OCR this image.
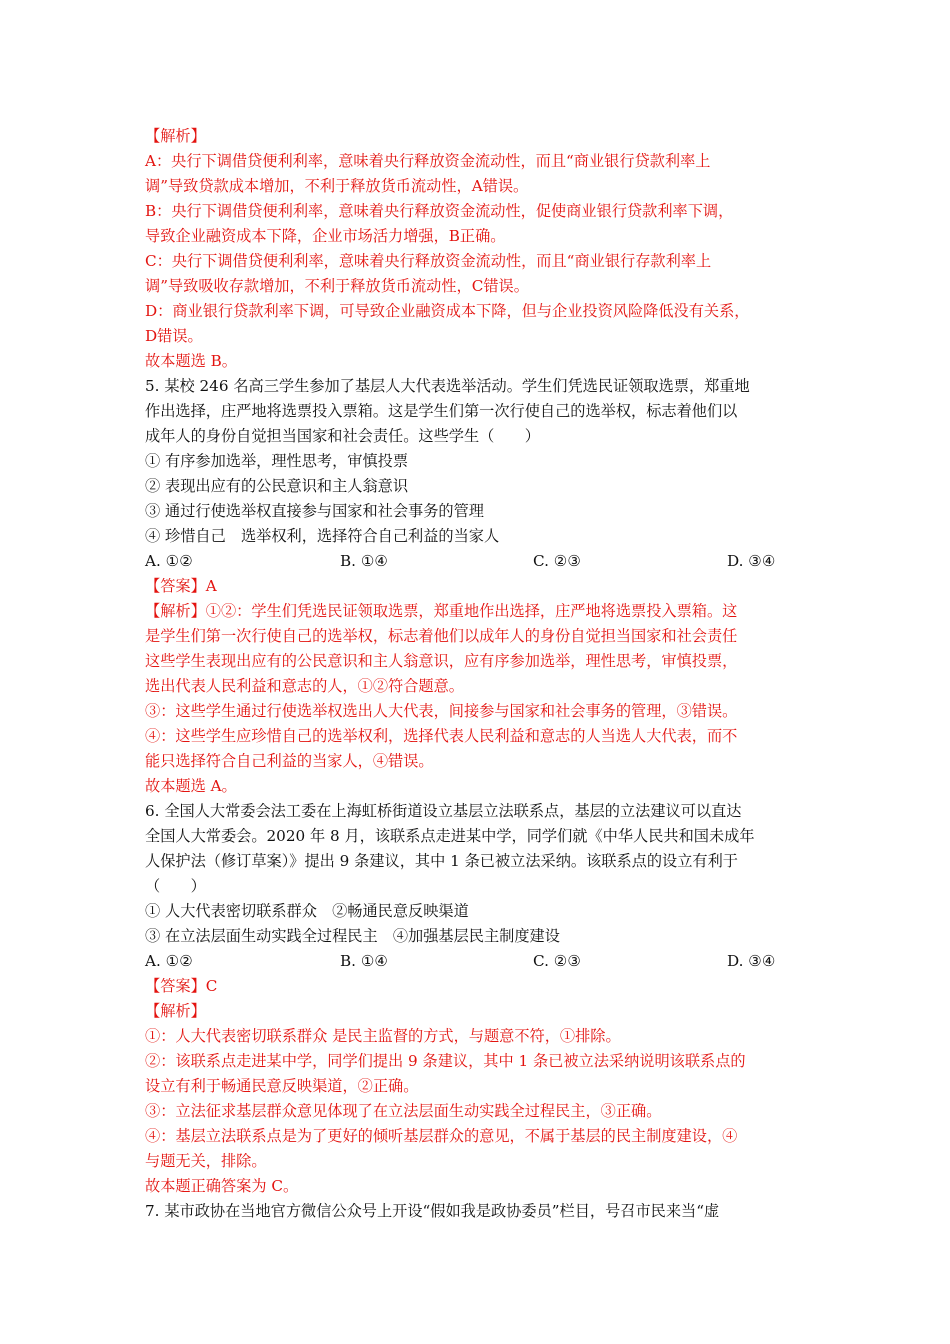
【解析】
A：央行下调借贷便利利率，意味着央行释放资金流动性，而且“商业银行贷款利率上
调”导致贷款成本增加，不利于释放货币流动性，A错误。
B：央行下调借贷便利利率，意味着央行释放资金流动性，促使商业银行贷款利率下调，
导致企业融资成本下降，企业市场活力增强，B正确。
C：央行下调借贷便利利率，意味着央行释放资金流动性，而且“商业银行存款利率上
调”导致吸收存款增加，不利于释放货币流动性，C错误。
D：商业银行贷款利率下调，可导致企业融资成本下降，但与企业投资风险降低没有关系，
D错误。
故本题选 B。
5. 某校 246 名高三学生参加了基层人大代表选举活动。学生们凭选民证领取选票，郑重地
作出选择，庄严地将选票投入票箱。这是学生们第一次行使自己的选举权，标志着他们以
成年人的身份自觉担当国家和社会责任。这些学生（　　）
① 有序参加选举，理性思考，审慎投票
② 表现出应有的公民意识和主人翁意识
③ 通过行使选举权直接参与国家和社会事务的管理
④ 珍惜自己　选举权利，选择符合自己利益的当家人
A. ①②	B. ①④	C. ②③	D. ③④
【答案】A
【解析】①②：学生们凭选民证领取选票，郑重地作出选择，庄严地将选票投入票箱。这
是学生们第一次行使自己的选举权，标志着他们以成年人的身份自觉担当国家和社会责任
这些学生表现出应有的公民意识和主人翁意识，应有序参加选举，理性思考，审慎投票，
选出代表人民利益和意志的人，①②符合题意。
③：这些学生通过行使选举权选出人大代表，间接参与国家和社会事务的管理，③错误。
④：这些学生应珍惜自己的选举权利，选择代表人民利益和意志的人当选人大代表，而不
能只选择符合自己利益的当家人，④错误。
故本题选 A。
6. 全国人大常委会法工委在上海虹桥街道设立基层立法联系点，基层的立法建议可以直达
全国人大常委会。2020 年 8 月，该联系点走进某中学，同学们就《中华人民共和国未成年
人保护法（修订草案）》提出 9 条建议，其中 1 条已被立法采纳。该联系点的设立有利于
（　　）
① 人大代表密切联系群众　②畅通民意反映渠道
③ 在立法层面生动实践全过程民主　④加强基层民主制度建设
A. ①②	B. ①④	C. ②③	D. ③④
【答案】C
【解析】
①：人大代表密切联系群众 是民主监督的方式，与题意不符，①排除。
②：该联系点走进某中学，同学们提出 9 条建议，其中 1 条已被立法采纳说明该联系点的
设立有利于畅通民意反映渠道，②正确。
③：立法征求基层群众意见体现了在立法层面生动实践全过程民主，③正确。
④：基层立法联系点是为了更好的倾听基层群众的意见，不属于基层的民主制度建设，④
与题无关，排除。
故本题正确答案为 C。
7. 某市政协在当地官方微信公众号上开设“假如我是政协委员”栏目，号召市民来当“虚
